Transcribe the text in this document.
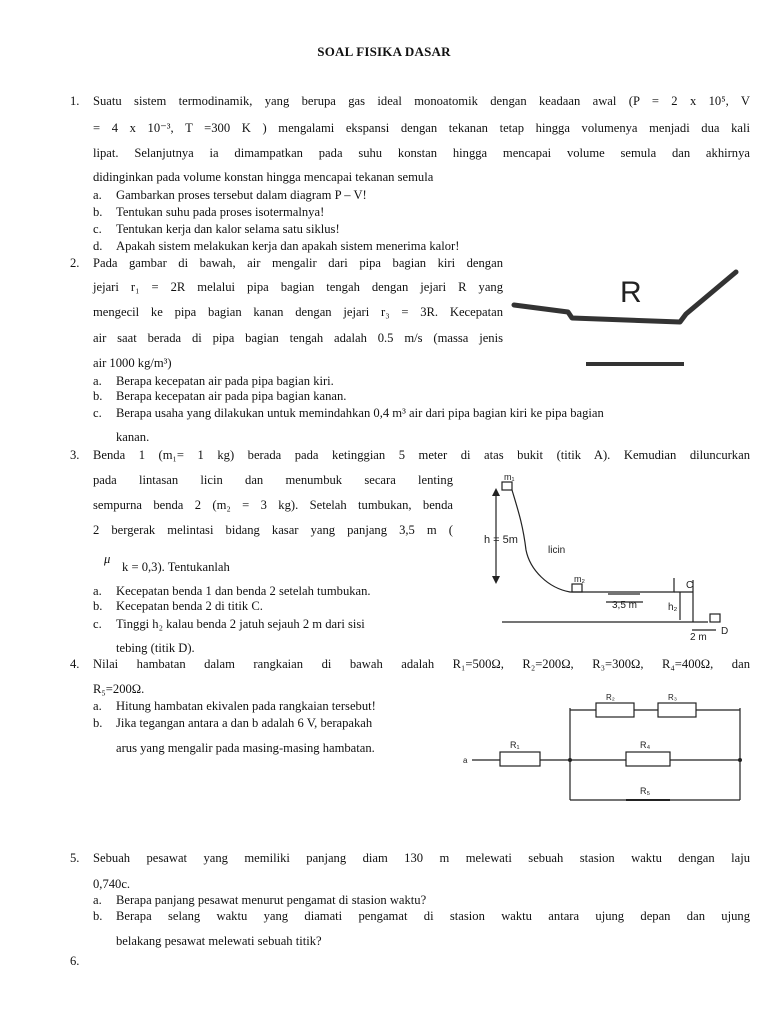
SOAL FISIKA DASAR
1.	Suatu sistem termodinamik, yang berupa gas ideal monoatomik dengan keadaan awal (P = 2 x 10⁵, V
= 4 x 10⁻³, T =300 K ) mengalami ekspansi dengan tekanan tetap hingga volumenya menjadi dua kali
lipat. Selanjutnya ia dimampatkan pada suhu konstan hingga mencapai volume semula dan akhirnya
didinginkan pada volume konstan hingga mencapai tekanan semula
a. Gambarkan proses tersebut dalam diagram P – V!
b. Tentukan suhu pada proses isotermalnya!
c. Tentukan kerja dan kalor selama satu siklus!
d. Apakah sistem melakukan kerja dan apakah sistem menerima kalor!
2.	Pada gambar di bawah, air mengalir dari pipa bagian kiri dengan
jejari r₁ = 2R melalui pipa bagian tengah dengan jejari R yang
mengecil ke pipa bagian kanan dengan jejari r₃ = 3R. Kecepatan
air saat berada di pipa bagian tengah adalah 0.5 m/s (massa jenis
air 1000 kg/m³)
a. Berapa kecepatan air pada pipa bagian kiri.
b. Berapa kecepatan air pada pipa bagian kanan.
c. Berapa usaha yang dilakukan untuk memindahkan 0,4 m³ air dari pipa bagian kiri ke pipa bagian
kanan.
R
3.	Benda 1 (m₁= 1 kg) berada pada ketinggian 5 meter di atas bukit (titik A). Kemudian diluncurkan
pada lintasan licin dan menumbuk secara lenting
sempurna benda 2 (m₂ = 3 kg). Setelah tumbukan, benda
2 bergerak melintasi bidang kasar yang panjang 3,5 m (
μ
k = 0,3). Tentukanlah
a. Kecepatan benda 1 dan benda 2 setelah tumbukan.
b. Kecepatan benda 2 di titik C.
c. Tinggi h₂ kalau benda 2 jatuh sejauh 2 m dari sisi
tebing (titik D).
m₁
h = 5m
licin
m₂
3,5 m	h₂
C
D
2 m
4.	Nilai hambatan dalam rangkaian di bawah adalah R₁=500Ω, R₂=200Ω, R₃=300Ω, R₄=400Ω, dan
R₅=200Ω.
a. Hitung hambatan ekivalen pada rangkaian tersebut!
b. Jika tegangan antara a dan b adalah 6 V, berapakah
arus yang mengalir pada masing-masing hambatan.
a
R₁
R₂	R₃
R₄
R₅
5.	Sebuah pesawat yang memiliki panjang diam 130 m melewati sebuah stasion waktu dengan laju
0,740c.
a. Berapa panjang pesawat menurut pengamat di stasion waktu?
b. Berapa selang waktu yang diamati pengamat di stasion waktu antara ujung depan dan ujung
belakang pesawat melewati sebuah titik?
6.
